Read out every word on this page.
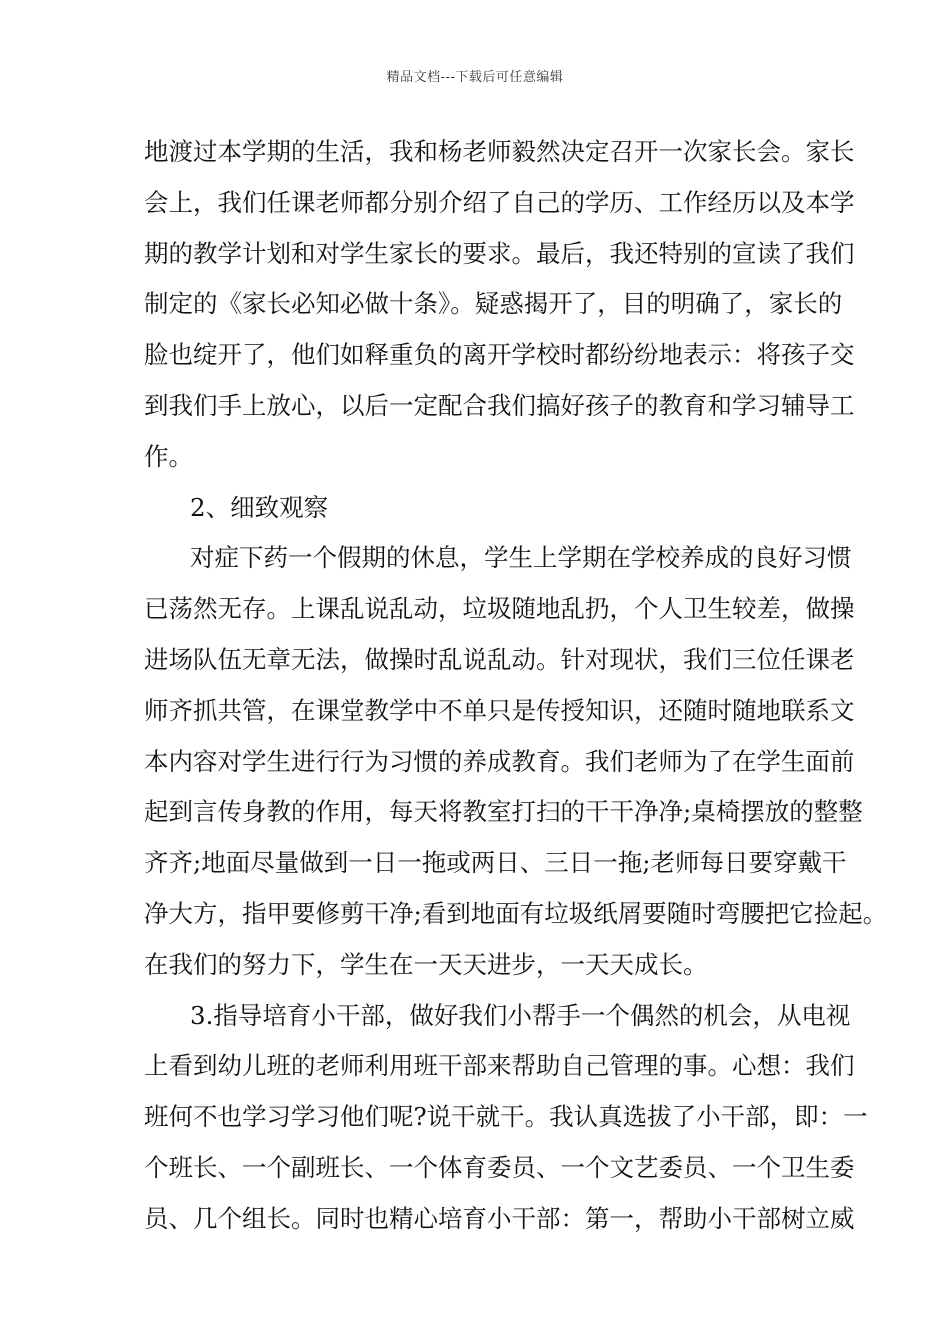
精品文档---下载后可任意编辑
地渡过本学期的生活，我和杨老师毅然决定召开一次家长会。家长
会上，我们任课老师都分别介绍了自己的学历、工作经历以及本学
期的教学计划和对学生家长的要求。最后，我还特别的宣读了我们
制定的《家长必知必做十条》。疑惑揭开了，目的明确了，家长的
脸也绽开了，他们如释重负的离开学校时都纷纷地表示：将孩子交
到我们手上放心，以后一定配合我们搞好孩子的教育和学习辅导工
作。
2、细致观察
对症下药一个假期的休息，学生上学期在学校养成的良好习惯
已荡然无存。上课乱说乱动，垃圾随地乱扔，个人卫生较差，做操
进场队伍无章无法，做操时乱说乱动。针对现状，我们三位任课老
师齐抓共管，在课堂教学中不单只是传授知识，还随时随地联系文
本内容对学生进行行为习惯的养成教育。我们老师为了在学生面前
起到言传身教的作用，每天将教室打扫的干干净净;桌椅摆放的整整
齐齐;地面尽量做到一日一拖或两日、三日一拖;老师每日要穿戴干
净大方，指甲要修剪干净;看到地面有垃圾纸屑要随时弯腰把它捡起。
在我们的努力下，学生在一天天进步，一天天成长。
3.指导培育小干部，做好我们小帮手一个偶然的机会，从电视
上看到幼儿班的老师利用班干部来帮助自己管理的事。心想：我们
班何不也学习学习他们呢?说干就干。我认真选拔了小干部，即：一
个班长、一个副班长、一个体育委员、一个文艺委员、一个卫生委
员、几个组长。同时也精心培育小干部：第一，帮助小干部树立威
